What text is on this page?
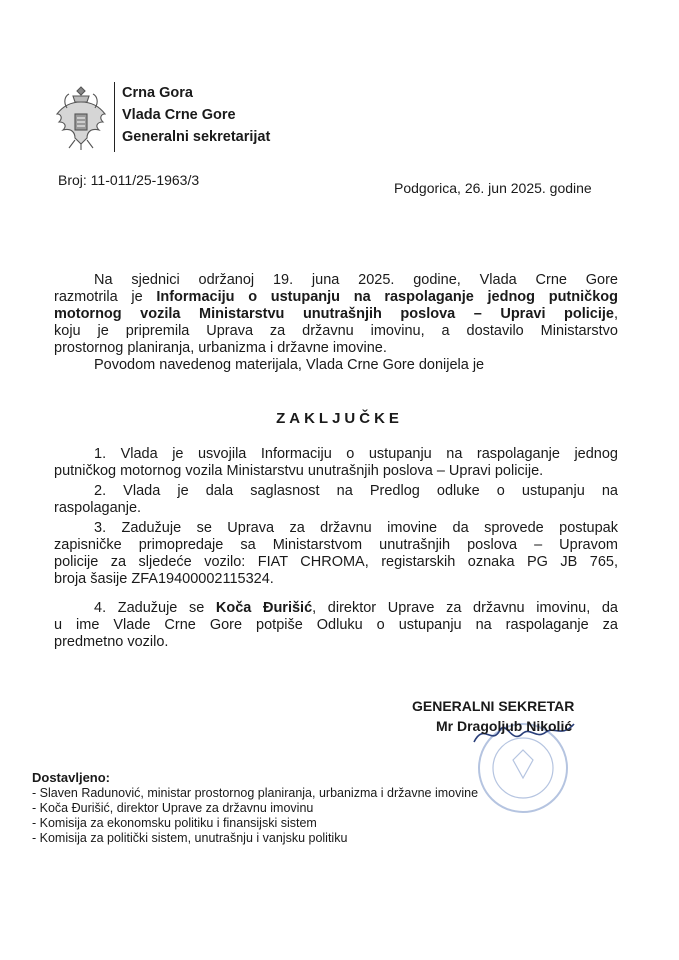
Crna Gora
Vlada Crne Gore
Generalni sekretarijat
Broj: 11-011/25-1963/3	Podgorica, 26. jun 2025. godine
Na sjednici održanoj 19. juna 2025. godine, Vlada Crne Gore
razmotrila je Informaciju o ustupanju na raspolaganje jednog putničkog
motornog vozila Ministarstvu unutrašnjih poslova – Upravi policije,
koju je pripremila Uprava za državnu imovinu, a dostavilo Ministarstvo
prostornog planiranja, urbanizma i državne imovine.
Povodom navedenog materijala, Vlada Crne Gore donijela je
ZAKLJUČKE
1. Vlada je usvojila Informaciju o ustupanju na raspolaganje jednog
putničkog motornog vozila Ministarstvu unutrašnjih poslova – Upravi policije.
2. Vlada je dala saglasnost na Predlog odluke o ustupanju na
raspolaganje.
3. Zadužuje se Uprava za državnu imovine da sprovede postupak
zapisničke primopredaje sa Ministarstvom unutrašnjih poslova – Upravom
policije za sljedeće vozilo: FIAT CHROMA, registarskih oznaka PG JB 765,
broja šasije ZFA19400002115324.
4. Zadužuje se Koča Đurišić, direktor Uprave za državnu imovinu, da
u ime Vlade Crne Gore potpiše Odluku o ustupanju na raspolaganje za
predmetno vozilo.
GENERALNI SEKRETAR
Mr Dragoljub Nikolić
Dostavljeno:
- Slaven Radunović, ministar prostornog planiranja, urbanizma i državne imovine
- Koča Đurišić, direktor Uprave za državnu imovinu
- Komisija za ekonomsku politiku i finansijski sistem
- Komisija za politički sistem, unutrašnju i vanjsku politiku
